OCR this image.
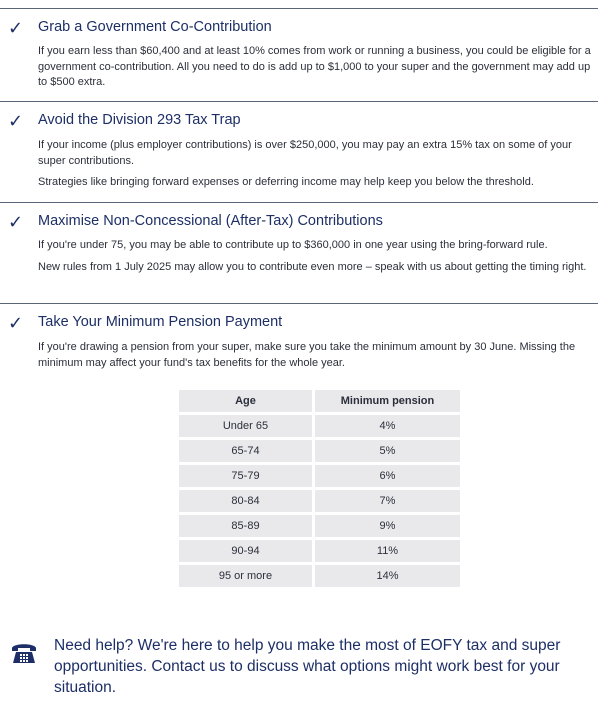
✓ Grab a Government Co-Contribution

If you earn less than $60,400 and at least 10% comes from work or running a business, you could be eligible for a government co-contribution. All you need to do is add up to $1,000 to your super and the government may add up to $500 extra.

✓ Avoid the Division 293 Tax Trap

If your income (plus employer contributions) is over $250,000, you may pay an extra 15% tax on some of your super contributions.

Strategies like bringing forward expenses or deferring income may help keep you below the threshold.

✓ Maximise Non-Concessional (After-Tax) Contributions

If you're under 75, you may be able to contribute up to $360,000 in one year using the bring-forward rule.

New rules from 1 July 2025 may allow you to contribute even more – speak with us about getting the timing right.

✓ Take Your Minimum Pension Payment

If you're drawing a pension from your super, make sure you take the minimum amount by 30 June. Missing the minimum may affect your fund's tax benefits for the whole year.

Age	Minimum pension
Under 65	4%
65-74	5%
75-79	6%
80-84	7%
85-89	9%
90-94	11%
95 or more	14%

Need help? We're here to help you make the most of EOFY tax and super opportunities. Contact us to discuss what options might work best for your situation.
